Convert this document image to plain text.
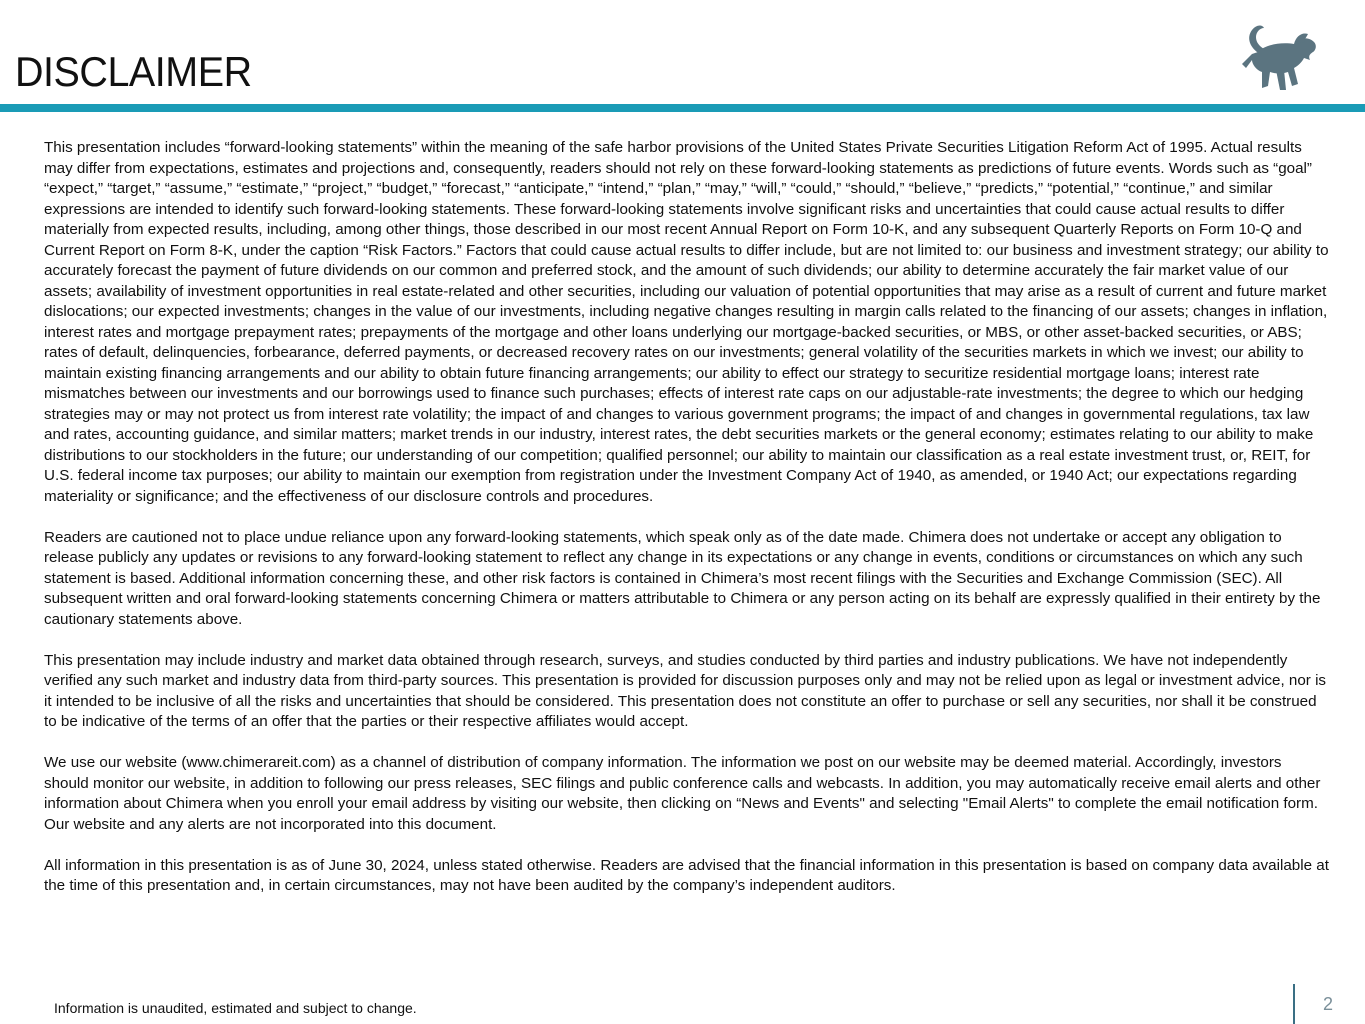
DISCLAIMER

This presentation includes “forward-looking statements” within the meaning of the safe harbor provisions of the United States Private Securities Litigation Reform Act of 1995. Actual results may differ from expectations, estimates and projections and, consequently, readers should not rely on these forward-looking statements as predictions of future events. Words such as “goal” “expect,” “target,” “assume,” “estimate,” “project,” “budget,” “forecast,” “anticipate,” “intend,” “plan,” “may,” “will,” “could,” “should,” “believe,” “predicts,” “potential,” “continue,” and similar expressions are intended to identify such forward-looking statements. These forward-looking statements involve significant risks and uncertainties that could cause actual results to differ materially from expected results, including, among other things, those described in our most recent Annual Report on Form 10-K, and any subsequent Quarterly Reports on Form 10-Q and Current Report on Form 8-K, under the caption “Risk Factors.” Factors that could cause actual results to differ include, but are not limited to: our business and investment strategy; our ability to accurately forecast the payment of future dividends on our common and preferred stock, and the amount of such dividends; our ability to determine accurately the fair market value of our assets; availability of investment opportunities in real estate-related and other securities, including our valuation of potential opportunities that may arise as a result of current and future market dislocations; our expected investments; changes in the value of our investments, including negative changes resulting in margin calls related to the financing of our assets; changes in inflation, interest rates and mortgage prepayment rates; prepayments of the mortgage and other loans underlying our mortgage-backed securities, or MBS, or other asset-backed securities, or ABS; rates of default, delinquencies, forbearance, deferred payments, or decreased recovery rates on our investments; general volatility of the securities markets in which we invest; our ability to maintain existing financing arrangements and our ability to obtain future financing arrangements; our ability to effect our strategy to securitize residential mortgage loans; interest rate mismatches between our investments and our borrowings used to finance such purchases; effects of interest rate caps on our adjustable-rate investments; the degree to which our hedging strategies may or may not protect us from interest rate volatility; the impact of and changes to various government programs; the impact of and changes in governmental regulations, tax law and rates, accounting guidance, and similar matters; market trends in our industry, interest rates, the debt securities markets or the general economy; estimates relating to our ability to make distributions to our stockholders in the future; our understanding of our competition; qualified personnel; our ability to maintain our classification as a real estate investment trust, or, REIT, for U.S. federal income tax purposes; our ability to maintain our exemption from registration under the Investment Company Act of 1940, as amended, or 1940 Act; our expectations regarding materiality or significance; and the effectiveness of our disclosure controls and procedures.

Readers are cautioned not to place undue reliance upon any forward-looking statements, which speak only as of the date made. Chimera does not undertake or accept any obligation to release publicly any updates or revisions to any forward-looking statement to reflect any change in its expectations or any change in events, conditions or circumstances on which any such statement is based. Additional information concerning these, and other risk factors is contained in Chimera’s most recent filings with the Securities and Exchange Commission (SEC). All subsequent written and oral forward-looking statements concerning Chimera or matters attributable to Chimera or any person acting on its behalf are expressly qualified in their entirety by the cautionary statements above.

This presentation may include industry and market data obtained through research, surveys, and studies conducted by third parties and industry publications. We have not independently verified any such market and industry data from third-party sources. This presentation is provided for discussion purposes only and may not be relied upon as legal or investment advice, nor is it intended to be inclusive of all the risks and uncertainties that should be considered. This presentation does not constitute an offer to purchase or sell any securities, nor shall it be construed to be indicative of the terms of an offer that the parties or their respective affiliates would accept.

We use our website (www.chimerareit.com) as a channel of distribution of company information. The information we post on our website may be deemed material. Accordingly, investors should monitor our website, in addition to following our press releases, SEC filings and public conference calls and webcasts. In addition, you may automatically receive email alerts and other information about Chimera when you enroll your email address by visiting our website, then clicking on “News and Events" and selecting "Email Alerts" to complete the email notification form. Our website and any alerts are not incorporated into this document.

All information in this presentation is as of June 30, 2024, unless stated otherwise. Readers are advised that the financial information in this presentation is based on company data available at the time of this presentation and, in certain circumstances, may not have been audited by the company’s independent auditors.

Information is unaudited, estimated and subject to change.	2
